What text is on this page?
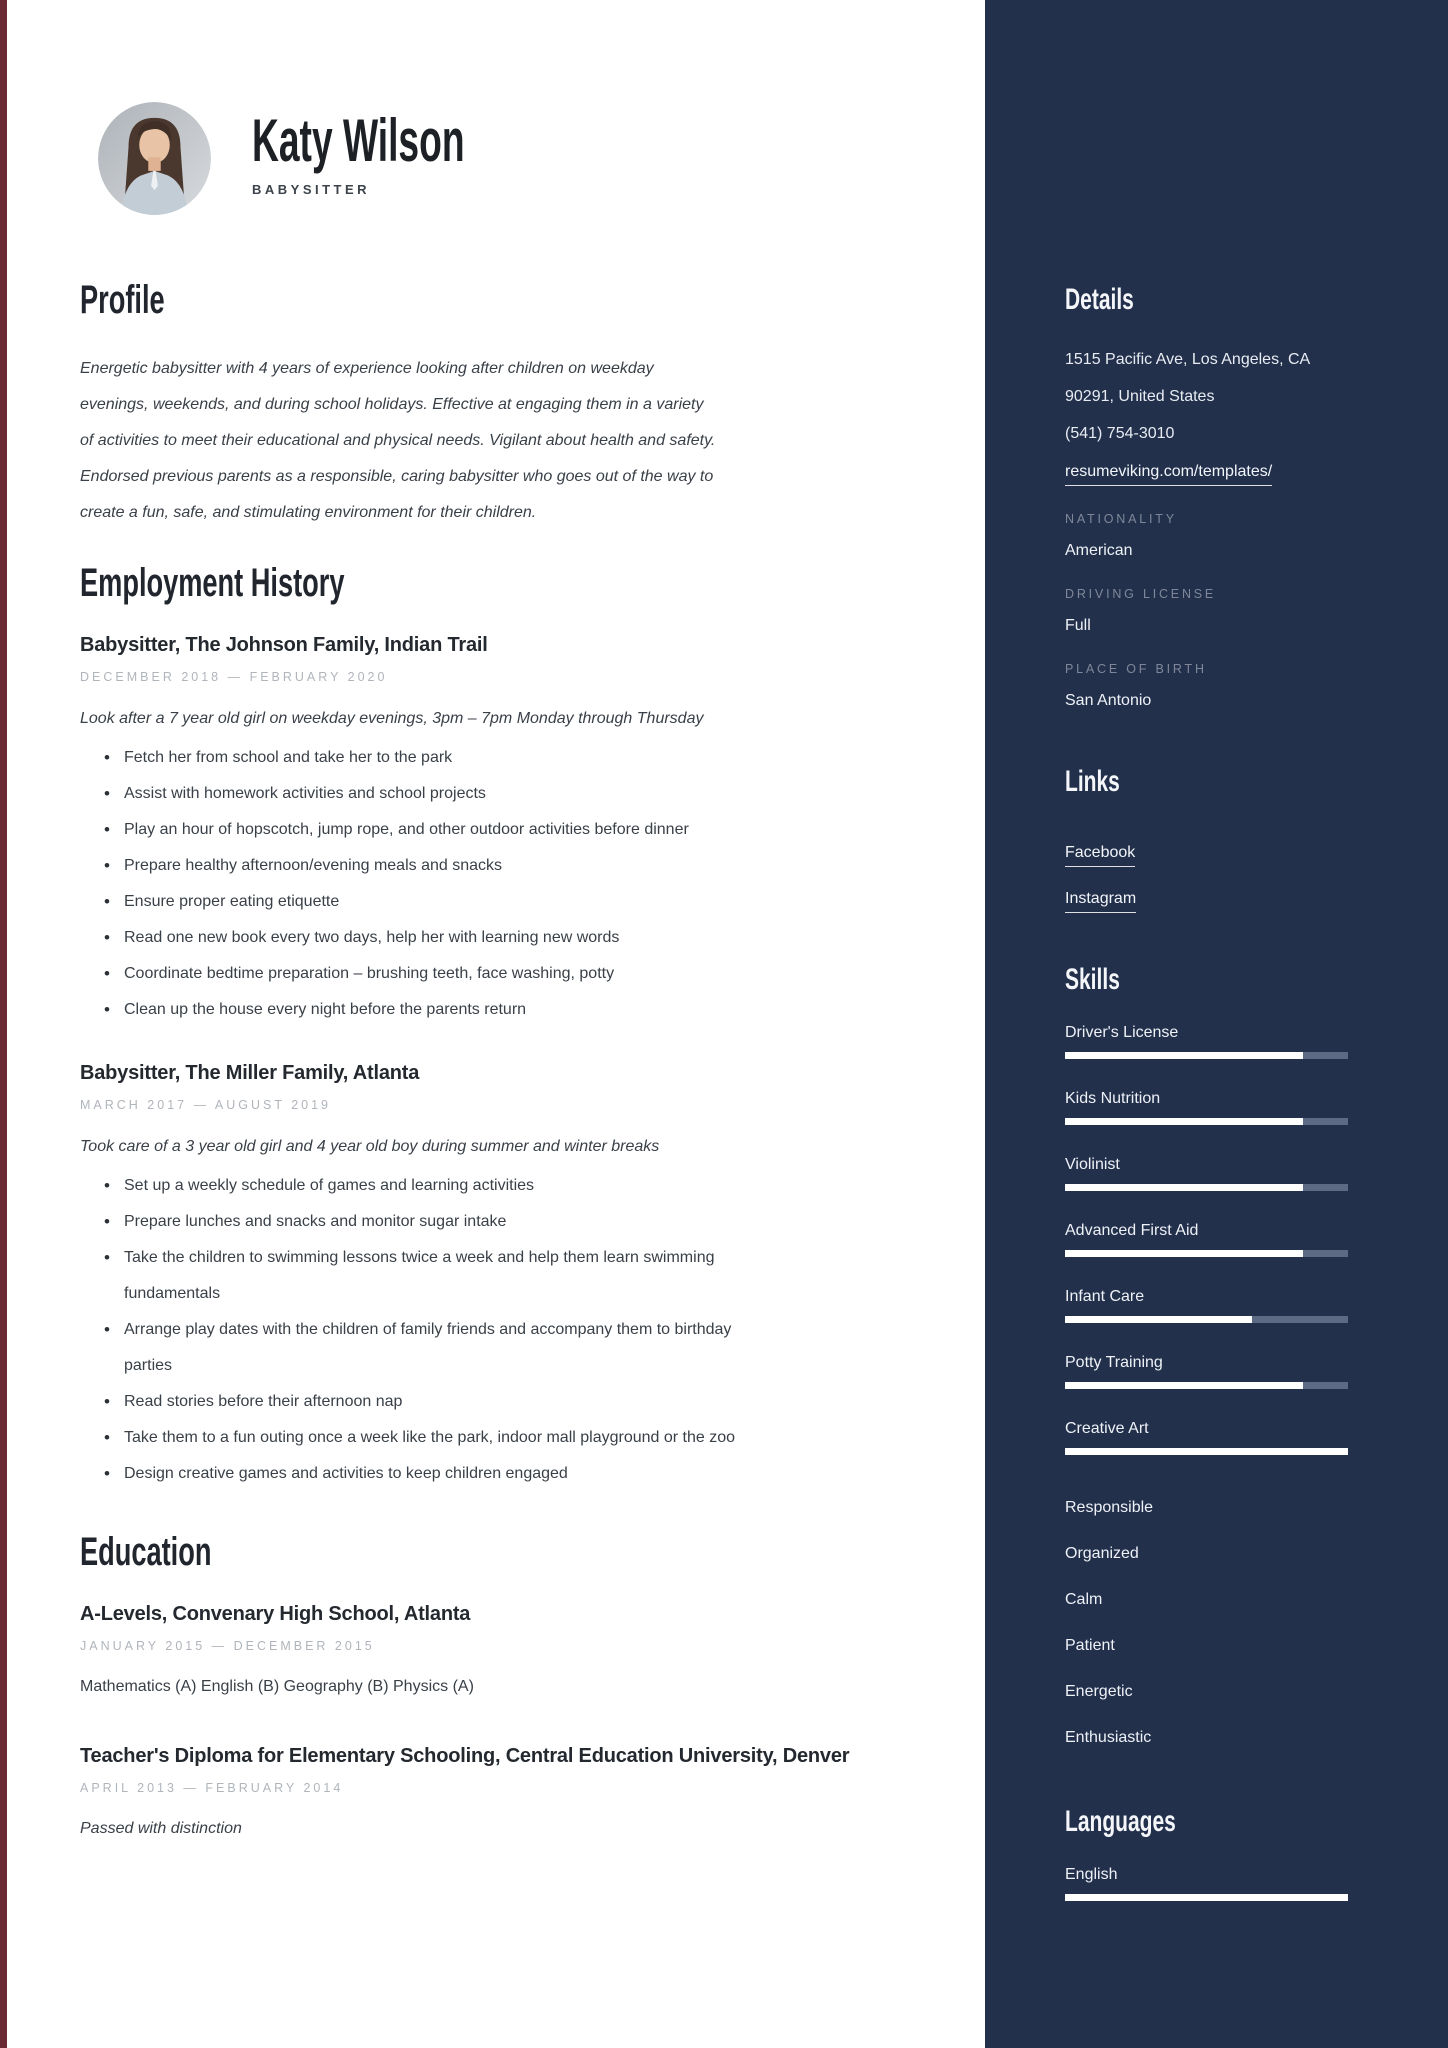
Katy Wilson
BABYSITTER
Profile

Energetic babysitter with 4 years of experience looking after children on weekday evenings, weekends, and during school holidays. Effective at engaging them in a variety of activities to meet their educational and physical needs. Vigilant about health and safety. Endorsed previous parents as a responsible, caring babysitter who goes out of the way to create a fun, safe, and stimulating environment for their children.

Employment History
Babysitter, The Johnson Family, Indian Trail
DECEMBER 2018 — FEBRUARY 2020

Look after a 7 year old girl on weekday evenings, 3pm – 7pm Monday through Thursday

• Fetch her from school and take her to the park
• Assist with homework activities and school projects
• Play an hour of hopscotch, jump rope, and other outdoor activities before dinner
• Prepare healthy afternoon/evening meals and snacks
• Ensure proper eating etiquette
• Read one new book every two days, help her with learning new words
• Coordinate bedtime preparation – brushing teeth, face washing, potty
• Clean up the house every night before the parents return
Babysitter, The Miller Family, Atlanta
MARCH 2017 — AUGUST 2019

Took care of a 3 year old girl and 4 year old boy during summer and winter breaks

• Set up a weekly schedule of games and learning activities
• Prepare lunches and snacks and monitor sugar intake
• Take the children to swimming lessons twice a week and help them learn swimming fundamentals
• Arrange play dates with the children of family friends and accompany them to birthday parties
• Read stories before their afternoon nap
• Take them to a fun outing once a week like the park, indoor mall playground or the zoo
• Design creative games and activities to keep children engaged
Education
A-Levels, Convenary High School, Atlanta
JANUARY 2015 — DECEMBER 2015

Mathematics (A) English (B) Geography (B) Physics (A)

Teacher's Diploma for Elementary Schooling, Central Education University, Denver
APRIL 2013 — FEBRUARY 2014

Passed with distinction

Details
1515 Pacific Ave, Los Angeles, CA
90291, United States
(541) 754-3010
resumeviking.com/templates/
NATIONALITY
American
DRIVING LICENSE
Full
PLACE OF BIRTH
San Antonio
Links
Facebook
Instagram
Skills
Driver's License
Kids Nutrition
Violinist
Advanced First Aid
Infant Care
Potty Training
Creative Art
Responsible
Organized
Calm
Patient
Energetic
Enthusiastic
Languages
English
